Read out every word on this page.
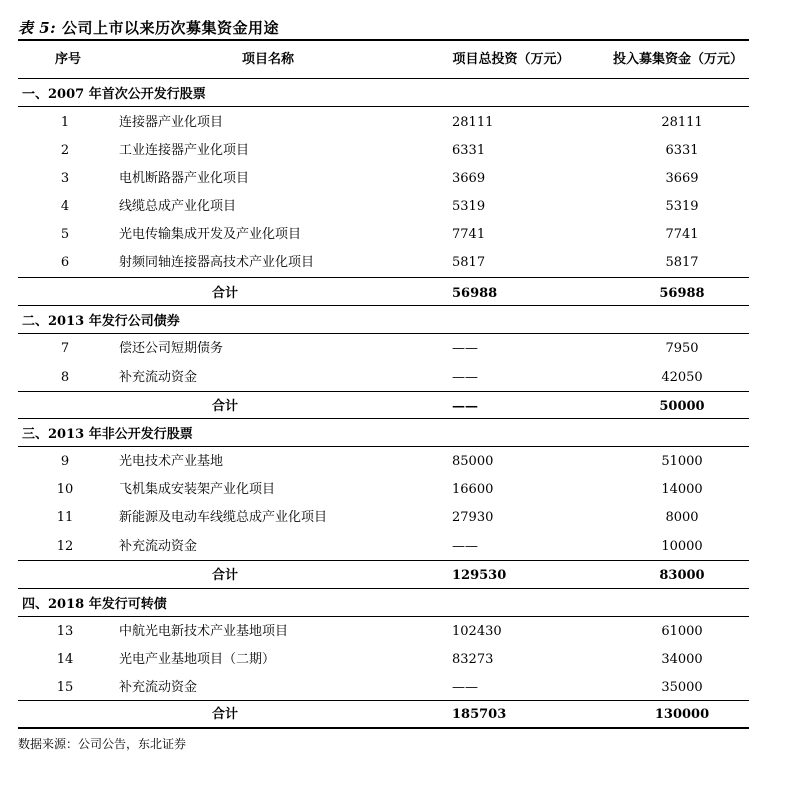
表 5: 公司上市以来历次募集资金用途
序号	项目名称	项目总投资（万元）	投入募集资金（万元）
一、2007 年首次公开发行股票
1	连接器产业化项目	28111	28111
2	工业连接器产业化项目	6331	6331
3	电机断路器产业化项目	3669	3669
4	线缆总成产业化项目	5319	5319
5	光电传输集成开发及产业化项目	7741	7741
6	射频同轴连接器高技术产业化项目	5817	5817
合计	56988	56988
二、2013 年发行公司债券
7	偿还公司短期债务	——	7950
8	补充流动资金	——	42050
合计	——	50000
三、2013 年非公开发行股票
9	光电技术产业基地	85000	51000
10	飞机集成安装架产业化项目	16600	14000
11	新能源及电动车线缆总成产业化项目	27930	8000
12	补充流动资金	——	10000
合计	129530	83000
四、2018 年发行可转债
13	中航光电新技术产业基地项目	102430	61000
14	光电产业基地项目（二期）	83273	34000
15	补充流动资金	——	35000
合计	185703	130000
数据来源：公司公告，东北证券
